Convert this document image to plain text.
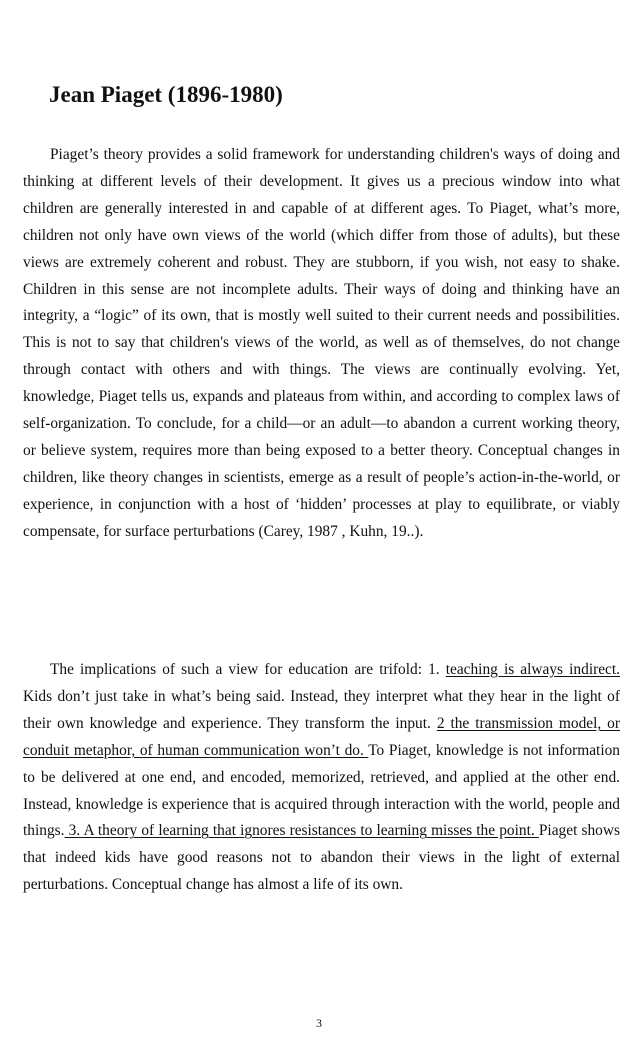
Jean Piaget (1896-1980)

Piaget’s theory provides a solid framework for understanding children's ways of doing and thinking at different levels of their development. It gives us a precious window into what children are generally interested in and capable of at different ages. To Piaget, what’s more, children not only have own views of the world (which differ from those of adults), but these views are extremely coherent and robust. They are stubborn, if you wish, not easy to shake. Children in this sense are not incomplete adults. Their ways of doing and thinking have an integrity, a “logic” of its own, that is mostly well suited to their current needs and possibilities. This is not to say that children's views of the world, as well as of themselves, do not change through contact with others and with things. The views are continually evolving. Yet, knowledge, Piaget tells us, expands and plateaus from within, and according to complex laws of self-organization. To conclude, for a child—or an adult—to abandon a current working theory, or believe system, requires more than being exposed to a better theory. Conceptual changes in children, like theory changes in scientists, emerge as a result of people’s action-in-the-world, or experience, in conjunction with a host of ‘hidden’ processes at play to equilibrate, or viably compensate, for surface perturbations (Carey, 1987 , Kuhn, 19..).

The implications of such a view for education are trifold: 1. teaching is always indirect. Kids don’t just take in what’s being said. Instead, they interpret what they hear in the light of their own knowledge and experience. They transform the input. 2 the transmission model, or conduit metaphor, of human communication won’t do. To Piaget, knowledge is not information to be delivered at one end, and encoded, memorized, retrieved, and applied at the other end. Instead, knowledge is experience that is acquired through interaction with the world, people and things. 3. A theory of learning that ignores resistances to learning misses the point. Piaget shows that indeed kids have good reasons not to abandon their views in the light of external perturbations. Conceptual change has almost a life of its own.

3
